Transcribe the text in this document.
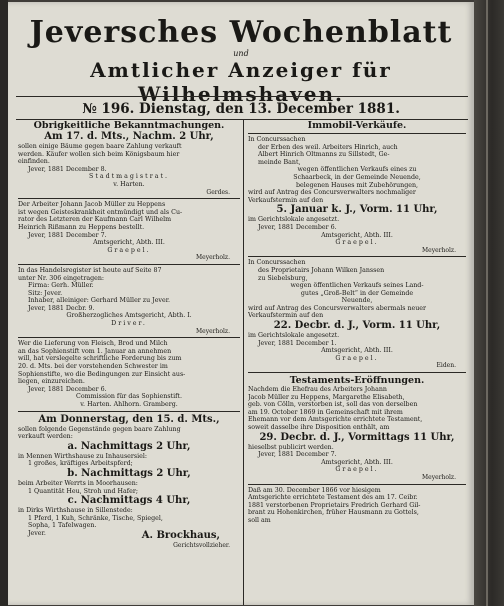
Jeversches Wochenblatt
und
Amtlicher Anzeiger für Wilhelmshaven.
№ 196. Dienstag, den 13. December 1881.
Obrigkeitliche Bekanntmachungen.
Am 17. d. Mts., Nachm. 2 Uhr,
sollen einige Bäume gegen baare Zahlung verkauft
werden. Käufer wollen sich beim Königsbaum hier
einfinden.
Jever, 1881 December 8.
Stadtmagistrat.
v. Harten.
Gerdes.
Der Arbeiter Johann Jacob Müller zu Heppens
ist wegen Geisteskrankheit entmündigt und als Cu-
rator des Letzteren der Kaufmann Carl Wilhelm
Heinrich Rißmann zu Heppens bestellt.
Jever, 1881 December 7.
Amtsgericht, Abth. III.
Graepel.
Meyerholz.
In das Handelsregister ist heute auf Seite 87
unter Nr. 306 eingetragen:
Firma: Gerh. Müller.
Sitz: Jever.
Inhaber, alleiniger: Gerhard Müller zu Jever.
Jever, 1881 Decbr. 9.
Großherzogliches Amtsgericht, Abth. I.
Driver.
Meyerholz.
Wer die Lieferung von Fleisch, Brod und Milch
an das Sophienstift vom 1. Januar an annehmen
will, hat verslegelte schriftliche Forderung bis zum
20. d. Mts. bei der vorstehenden Schwester im
Sophienstifte, wo die Bedingungen zur Einsicht aus-
liegen, einzureichen.
Jever, 1881 December 6.
Commission für das Sophienstift.
v. Harten. Ahlhorn. Gramberg.
Am Donnerstag, den 15. d. Mts.,
sollen folgende Gegenstände gegen baare Zahlung
verkauft werden:
a. Nachmittags 2 Uhr,
in Mennen Wirthshause zu Inhausersiel:
1 großes, kräftiges Arbeitspferd;
b. Nachmittags 2 Uhr,
beim Arbeiter Werrts in Moorhausen:
1 Quantität Heu, Stroh und Hafer;
c. Nachmittags 4 Uhr,
in Dirks Wirthshause in Sillenstede:
1 Pferd, 1 Kuh, Schränke, Tische, Spiegel,
Sopha, 1 Tafelwagen.
Jever.	A. Brockhaus,
Gerichtsvollzieher.
Immobil-Verkäufe.
In Concurssachen
der Erben des weil. Arbeiters Hinrich, auch
Albert Hinrich Oltmanns zu Sillstedt, Ge-
meinde Bant,
wegen öffentlichen Verkaufs eines zu
Schaarbeck, in der Gemeinde Neuende,
belegenen Hauses mit Zubehörungen,
wird auf Antrag des Concursverwalters nochmaliger
Verkaufstermin auf den
5. Januar k. J., Vorm. 11 Uhr,
im Gerichtslokale angesetzt.
Jever, 1881 December 6.
Amtsgericht, Abth. III.
Graepel.
Meyerholz.
In Concurssachen
des Proprietairs Johann Wilken Janssen
zu Siebelsburg,
wegen öffentlichen Verkaufs seines Land-
gutes „Groß-Belt“ in der Gemeinde
Neuende,
wird auf Antrag des Concursverwalters abermals neuer
Verkaufstermin auf den
22. Decbr. d. J., Vorm. 11 Uhr,
im Gerichtslokale angesetzt.
Jever, 1881 December 1.
Amtsgericht, Abth. III.
Graepel.
Eiden.
Testaments-Eröffnungen.
Nachdem die Ehefrau des Arbeiters Johann
Jacob Müller zu Heppens, Margarethe Elisabeth,
geb. von Cölln, verstorben ist, soll das von derselben
am 19. October 1869 in Gemeinschaft mit ihrem
Ehemann vor dem Amtsgerichte errichtete Testament,
soweit dasselbe ihre Disposition enthält, am
29. Decbr. d. J., Vormittags 11 Uhr,
hieselbst publicirt werden.
Jever, 1881 December 7.
Amtsgericht, Abth. III.
Graepel.
Meyerholz.
Daß am 30. December 1866 vor hiesigem
Amtsgerichte errichtete Testament des am 17. Ceibr.
1881 verstorbenen Proprietairs Fredrich Gerhard Gil-
brant zu Hohenkirchen, früher Hausmann zu Gottels,
soll am
